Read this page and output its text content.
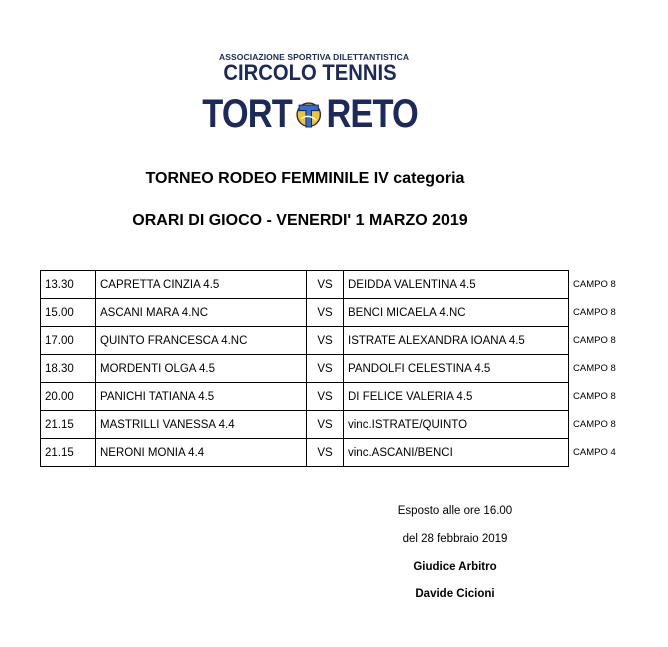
ASSOCIAZIONE SPORTIVA DILETTANTISTICA
CIRCOLO TENNIS
TORT RETO
TORNEO RODEO FEMMINILE IV categoria
ORARI DI GIOCO - VENERDI' 1 MARZO 2019
13.30	CAPRETTA CINZIA 4.5	VS	DEIDDA VALENTINA 4.5	CAMPO 8
15.00	ASCANI MARA 4.NC	VS	BENCI MICAELA 4.NC	CAMPO 8
17.00	QUINTO FRANCESCA 4.NC	VS	ISTRATE ALEXANDRA IOANA 4.5	CAMPO 8
18.30	MORDENTI OLGA 4.5	VS	PANDOLFI CELESTINA 4.5	CAMPO 8
20.00	PANICHI TATIANA 4.5	VS	DI FELICE VALERIA 4.5	CAMPO 8
21.15	MASTRILLI VANESSA 4.4	VS	vinc.ISTRATE/QUINTO	CAMPO 8
21.15	NERONI MONIA 4.4	VS	vinc.ASCANI/BENCI	CAMPO 4
Esposto alle ore 16.00
del 28 febbraio 2019
Giudice Arbitro
Davide Cicioni
